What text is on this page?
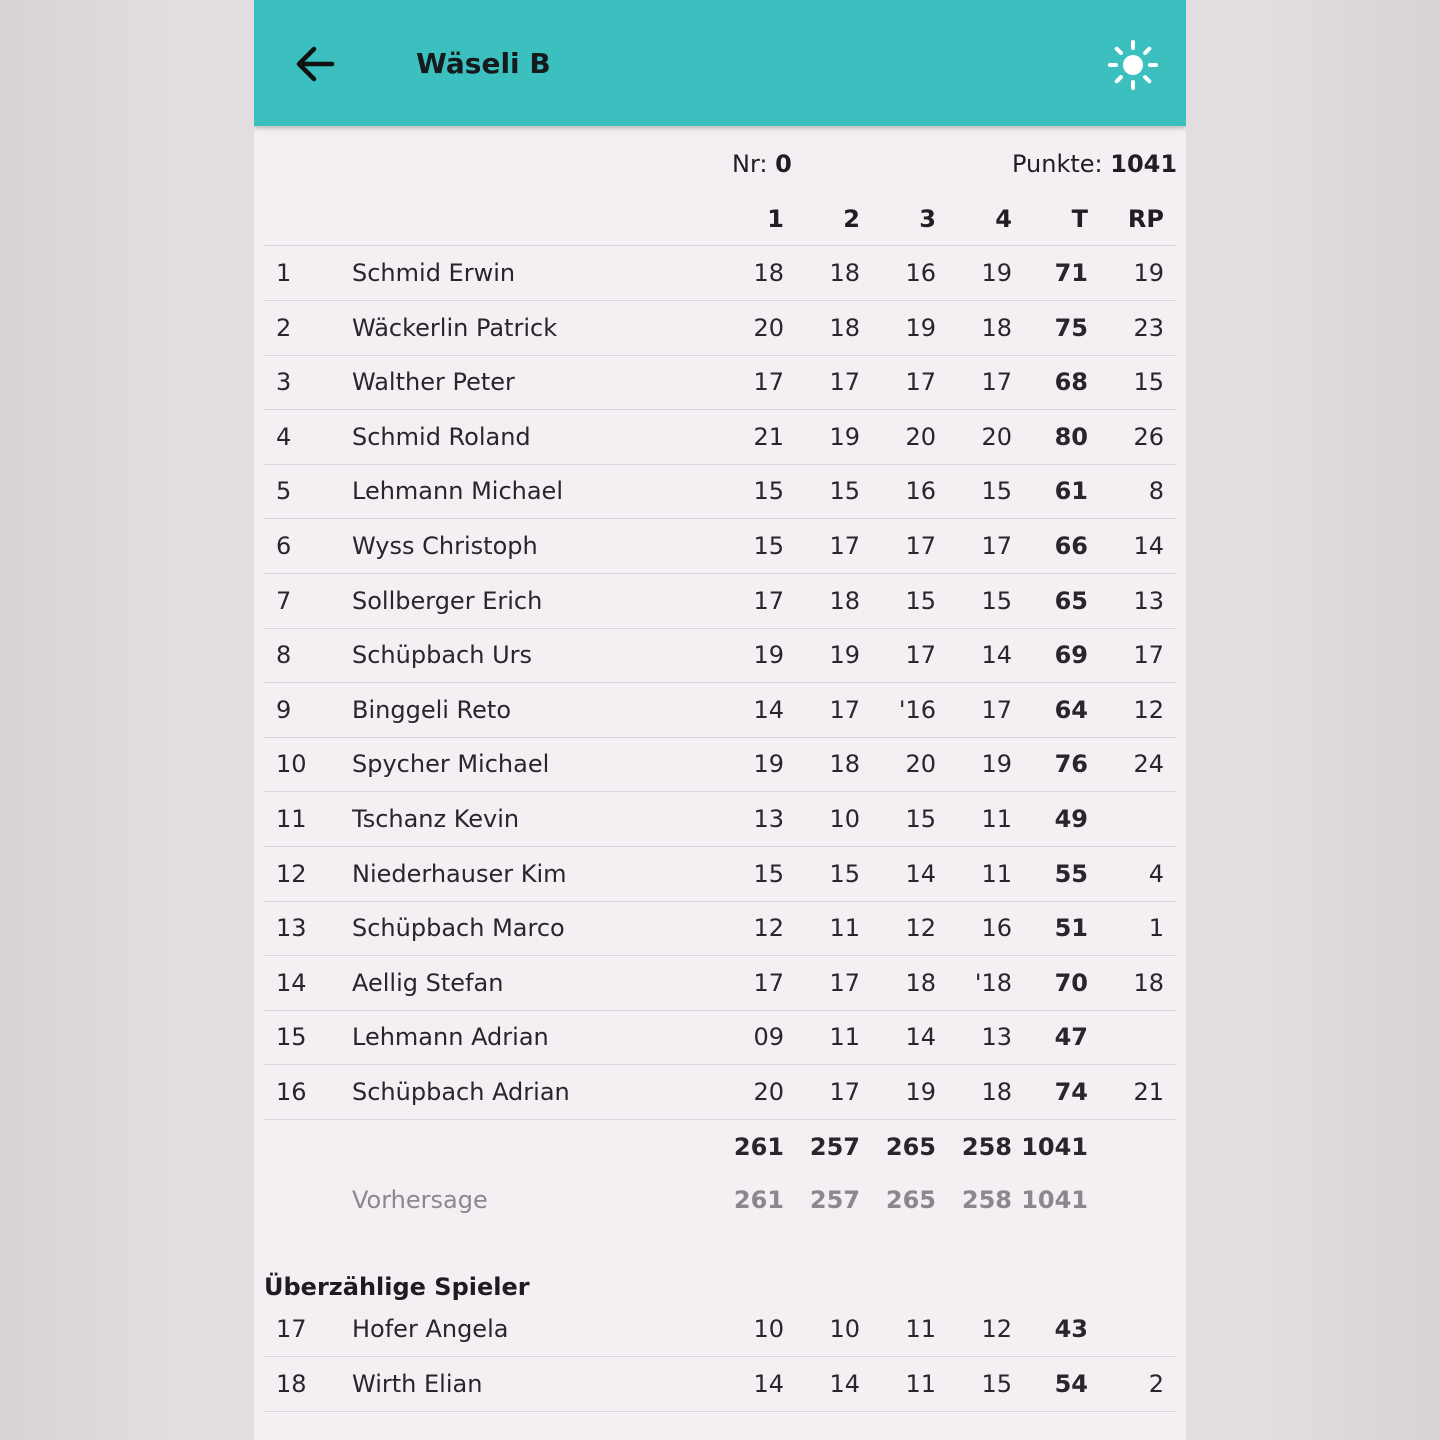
Wäseli B
Nr: 0	Punkte: 1041
1	2	3	4	T	RP
1	Schmid Erwin	18	18	16	19	71	19
2	Wäckerlin Patrick	20	18	19	18	75	23
3	Walther Peter	17	17	17	17	68	15
4	Schmid Roland	21	19	20	20	80	26
5	Lehmann Michael	15	15	16	15	61	8
6	Wyss Christoph	15	17	17	17	66	14
7	Sollberger Erich	17	18	15	15	65	13
8	Schüpbach Urs	19	19	17	14	69	17
9	Binggeli Reto	14	17	'16	17	64	12
10	Spycher Michael	19	18	20	19	76	24
11	Tschanz Kevin	13	10	15	11	49
12	Niederhauser Kim	15	15	14	11	55	4
13	Schüpbach Marco	12	11	12	16	51	1
14	Aellig Stefan	17	17	18	'18	70	18
15	Lehmann Adrian	09	11	14	13	47
16	Schüpbach Adrian	20	17	19	18	74	21
261	257	265	258 1041
Vorhersage	261	257	265	258 1041
Überzählige Spieler
17	Hofer Angela	10	10	11	12	43
18	Wirth Elian	14	14	11	15	54	2
